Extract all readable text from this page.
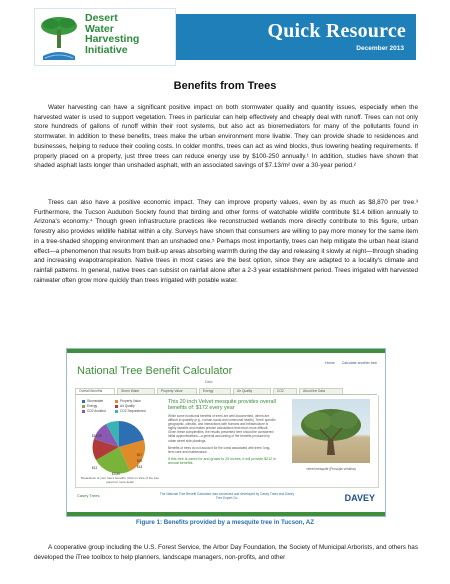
Desert
Water
Harvesting
Initiative
Quick Resource
December 2013
Benefits from Trees

Water harvesting can have a significant positive impact on both stormwater quality and quantity issues, especially when the harvested water is used to support vegetation. Trees in particular can help effectively and cheaply deal with runoff. Trees can not only store hundreds of gallons of runoff within their root systems, but also act as bioremediators for many of the pollutants found in stormwater. In addition to these benefits, trees make the urban environment more livable. They can provide shade to residences and businesses, helping to reduce their cooling costs. In colder months, trees can act as wind blocks, thus lowering heating requirements. If properly placed on a property, just three trees can reduce energy use by $100-250 annually.¹ In addition, studies have shown that shaded asphalt lasts longer than unshaded asphalt, with an associated savings of $7.13/m² over a 30-year period.²

Trees can also have a positive economic impact. They can improve property values, even by as much as $8,870 per tree.³ Furthermore, the Tucson Audubon Society found that birding and other forms of watchable wildlife contribute $1.4 billion annually to Arizona's economy.⁴ Though green infrastructure practices like reconstructed wetlands more directly contribute to this figure, urban forestry also provides wildlife habitat within a city. Surveys have shown that consumers are willing to pay more money for the same item in a tree-shaded shopping environment than an unshaded one.⁵ Perhaps most importantly, trees can help mitigate the urban heat island effect—a phenomenon that results from built-up areas absorbing warmth during the day and releasing it slowly at night—through shading and increasing evapotranspiration. Native trees in most cases are the best option, since they are adapted to a locality's climate and rainfall patterns. In general, native trees can subsist on rainfall alone after a 2-3 year establishment period. Trees irrigated with harvested rainwater often grow more quickly than trees irrigated with potable water.

Home Calculate another tree
National Tree Benefit Calculator
Data
Overall Benefits	Storm Water	Property Value	Energy	Air Quality	CO2	About the Data
Stormwater	Property Value
Energy	Air Quality
CO2 Avoided	CO2 Sequestered
$14.00
$17
$29
$18
$13
$3.80
Breakdown of your tree's benefits. Click on slice of the tree panel for more detail
This 20 inch Velvet mesquite provides overall benefits of: $172 every year

While some functional benefits of trees are well documented, others are difficult to quantify (e.g., human social and communal health). Trees' specific geographic, climatic, and interactions with humans and infrastructure is highly variable and makes precise calculations that much more difficult. Given these complexities, the results presented here should be considered initial approximations—a general accounting of the benefits produced by urban street side plantings.

Benefits of trees do not account for the costs associated with trees' long-term care and maintenance.

If this tree is cared for and grows to 25 inches, it will provide $212 in annual benefits.

velvet mesquite (Prosopis velutina)
Casey Trees	The National Tree Benefit Calculator was conceived and developed by Casey Trees and Davey Tree Expert Co.	DAVEY
Figure 1: Benefits provided by a mesquite tree in Tucson, AZ

A cooperative group including the U.S. Forest Service, the Arbor Day Foundation, the Society of Municipal Arborists, and others has developed the iTree toolbox to help planners, landscape managers, non-profits, and other
